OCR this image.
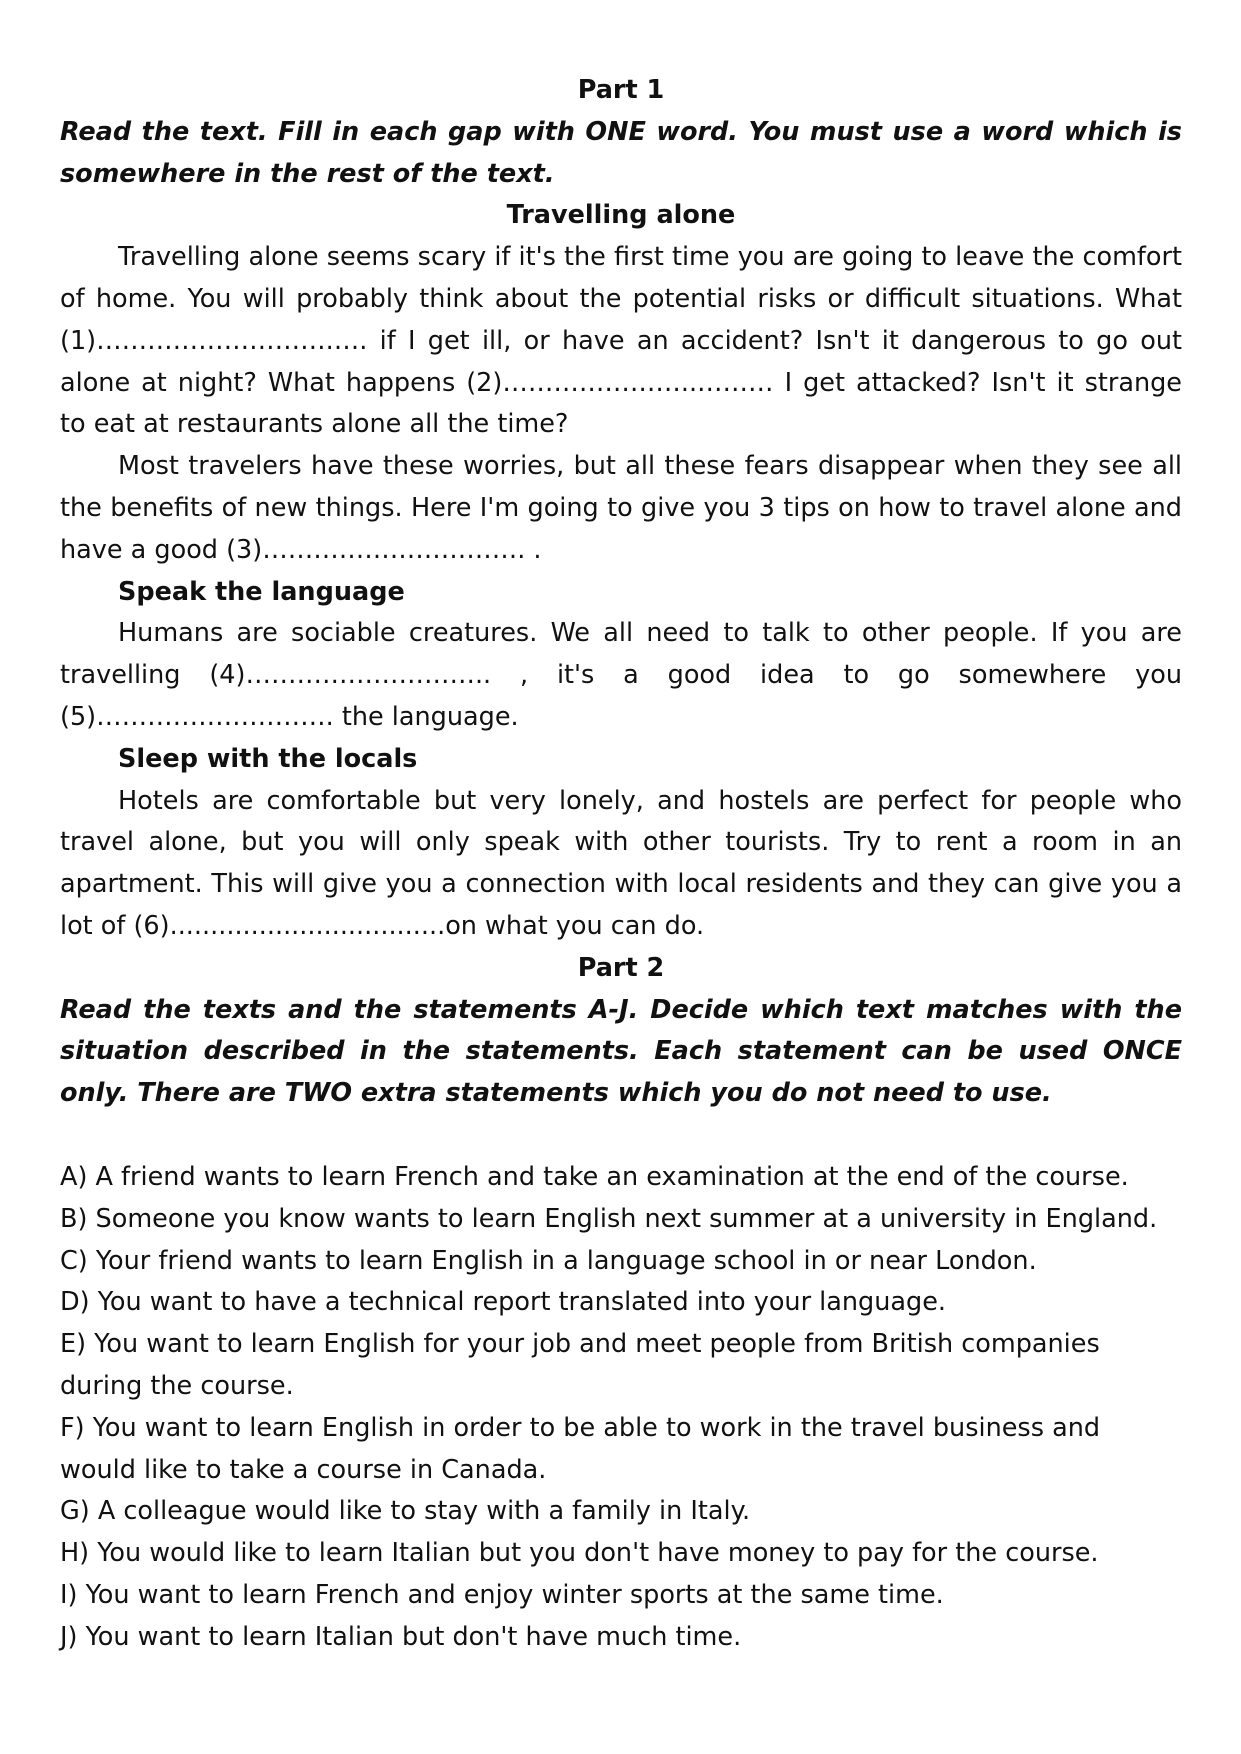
Part 1

Read the text. Fill in each gap with ONE word. You must use a word which is somewhere in the rest of the text.

Travelling alone

Travelling alone seems scary if it's the first time you are going to leave the comfort of home. You will probably think about the potential risks or difficult situations. What (1)……………………….…. if I get ill, or have an accident? Isn't it dangerous to go out alone at night? What happens (2)…………………..……… I get attacked? Isn't it strange to eat at restaurants alone all the time?

Most travelers have these worries, but all these fears disappear when they see all the benefits of new things. Here I'm going to give you 3 tips on how to travel alone and have a good (3)…………………………. .

Speak the language

Humans are sociable creatures. We all need to talk to other people. If you are travelling (4)……………………….. , it's a good idea to go somewhere you (5)………………………. the language.

Sleep with the locals

Hotels are comfortable but very lonely, and hostels are perfect for people who travel alone, but you will only speak with other tourists. Try to rent a room in an apartment. This will give you a connection with local residents and they can give you a lot of (6)..................................on what you can do.

Part 2

Read the texts and the statements A-J. Decide which text matches with the situation described in the statements. Each statement can be used ONCE only. There are TWO extra statements which you do not need to use.

A) A friend wants to learn French and take an examination at the end of the course.

B) Someone you know wants to learn English next summer at a university in England.

C) Your friend wants to learn English in a language school in or near London.

D) You want to have a technical report translated into your language.

E) You want to learn English for your job and meet people from British companies during the course.

F) You want to learn English in order to be able to work in the travel business and would like to take a course in Canada.

G) A colleague would like to stay with a family in Italy.

H) You would like to learn Italian but you don't have money to pay for the course.

I) You want to learn French and enjoy winter sports at the same time.

J) You want to learn Italian but don't have much time.
